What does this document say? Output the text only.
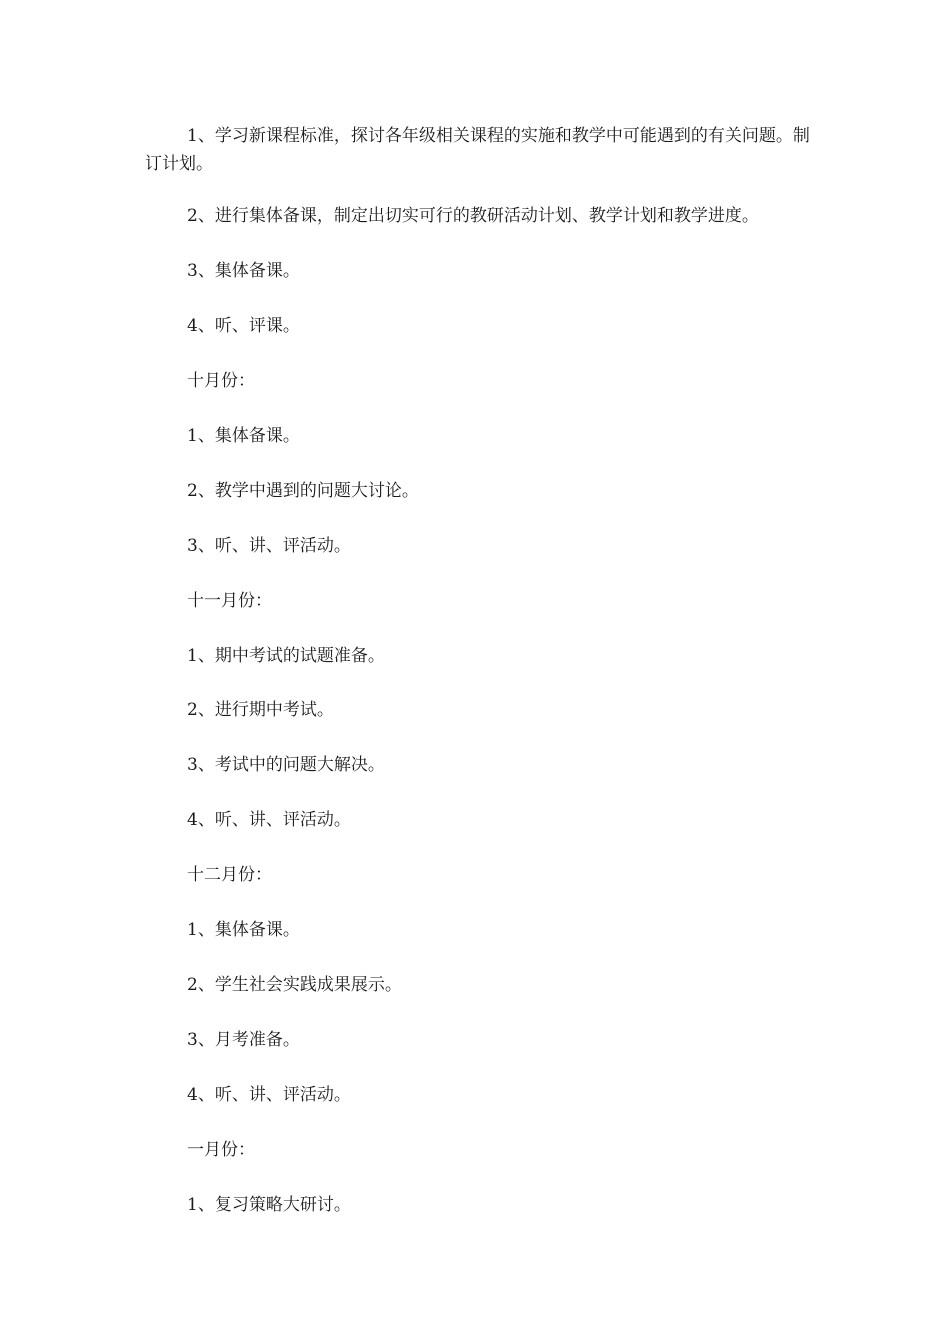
1、学习新课程标准，探讨各年级相关课程的实施和教学中可能遇到的有关问题。制订计划。

2、进行集体备课，制定出切实可行的教研活动计划、教学计划和教学进度。

3、集体备课。

4、听、评课。

十月份：

1、集体备课。

2、教学中遇到的问题大讨论。

3、听、讲、评活动。

十一月份：

1、期中考试的试题准备。

2、进行期中考试。

3、考试中的问题大解决。

4、听、讲、评活动。

十二月份：

1、集体备课。

2、学生社会实践成果展示。

3、月考准备。

4、听、讲、评活动。

一月份：

1、复习策略大研讨。
